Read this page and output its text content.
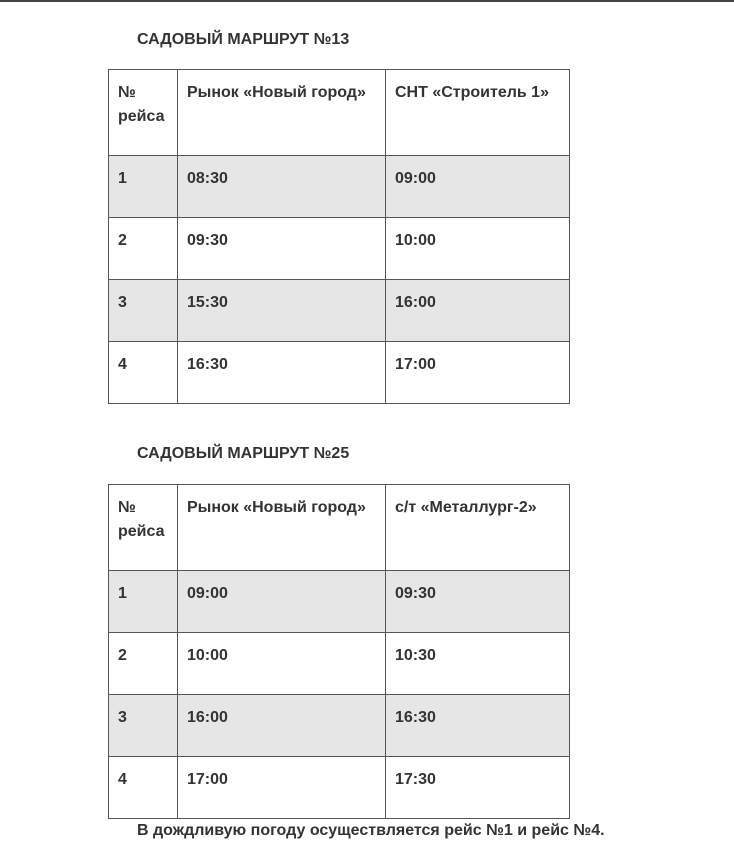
САДОВЫЙ МАРШРУТ №13
№ рейса	Рынок «Новый город»	СНТ «Строитель 1»
1	08:30	09:00
2	09:30	10:00
3	15:30	16:00
4	16:30	17:00
САДОВЫЙ МАРШРУТ №25
№ рейса	Рынок «Новый город»	с/т «Металлург-2»
1	09:00	09:30
2	10:00	10:30
3	16:00	16:30
4	17:00	17:30
В дождливую погоду осуществляется рейс №1 и рейс №4.
